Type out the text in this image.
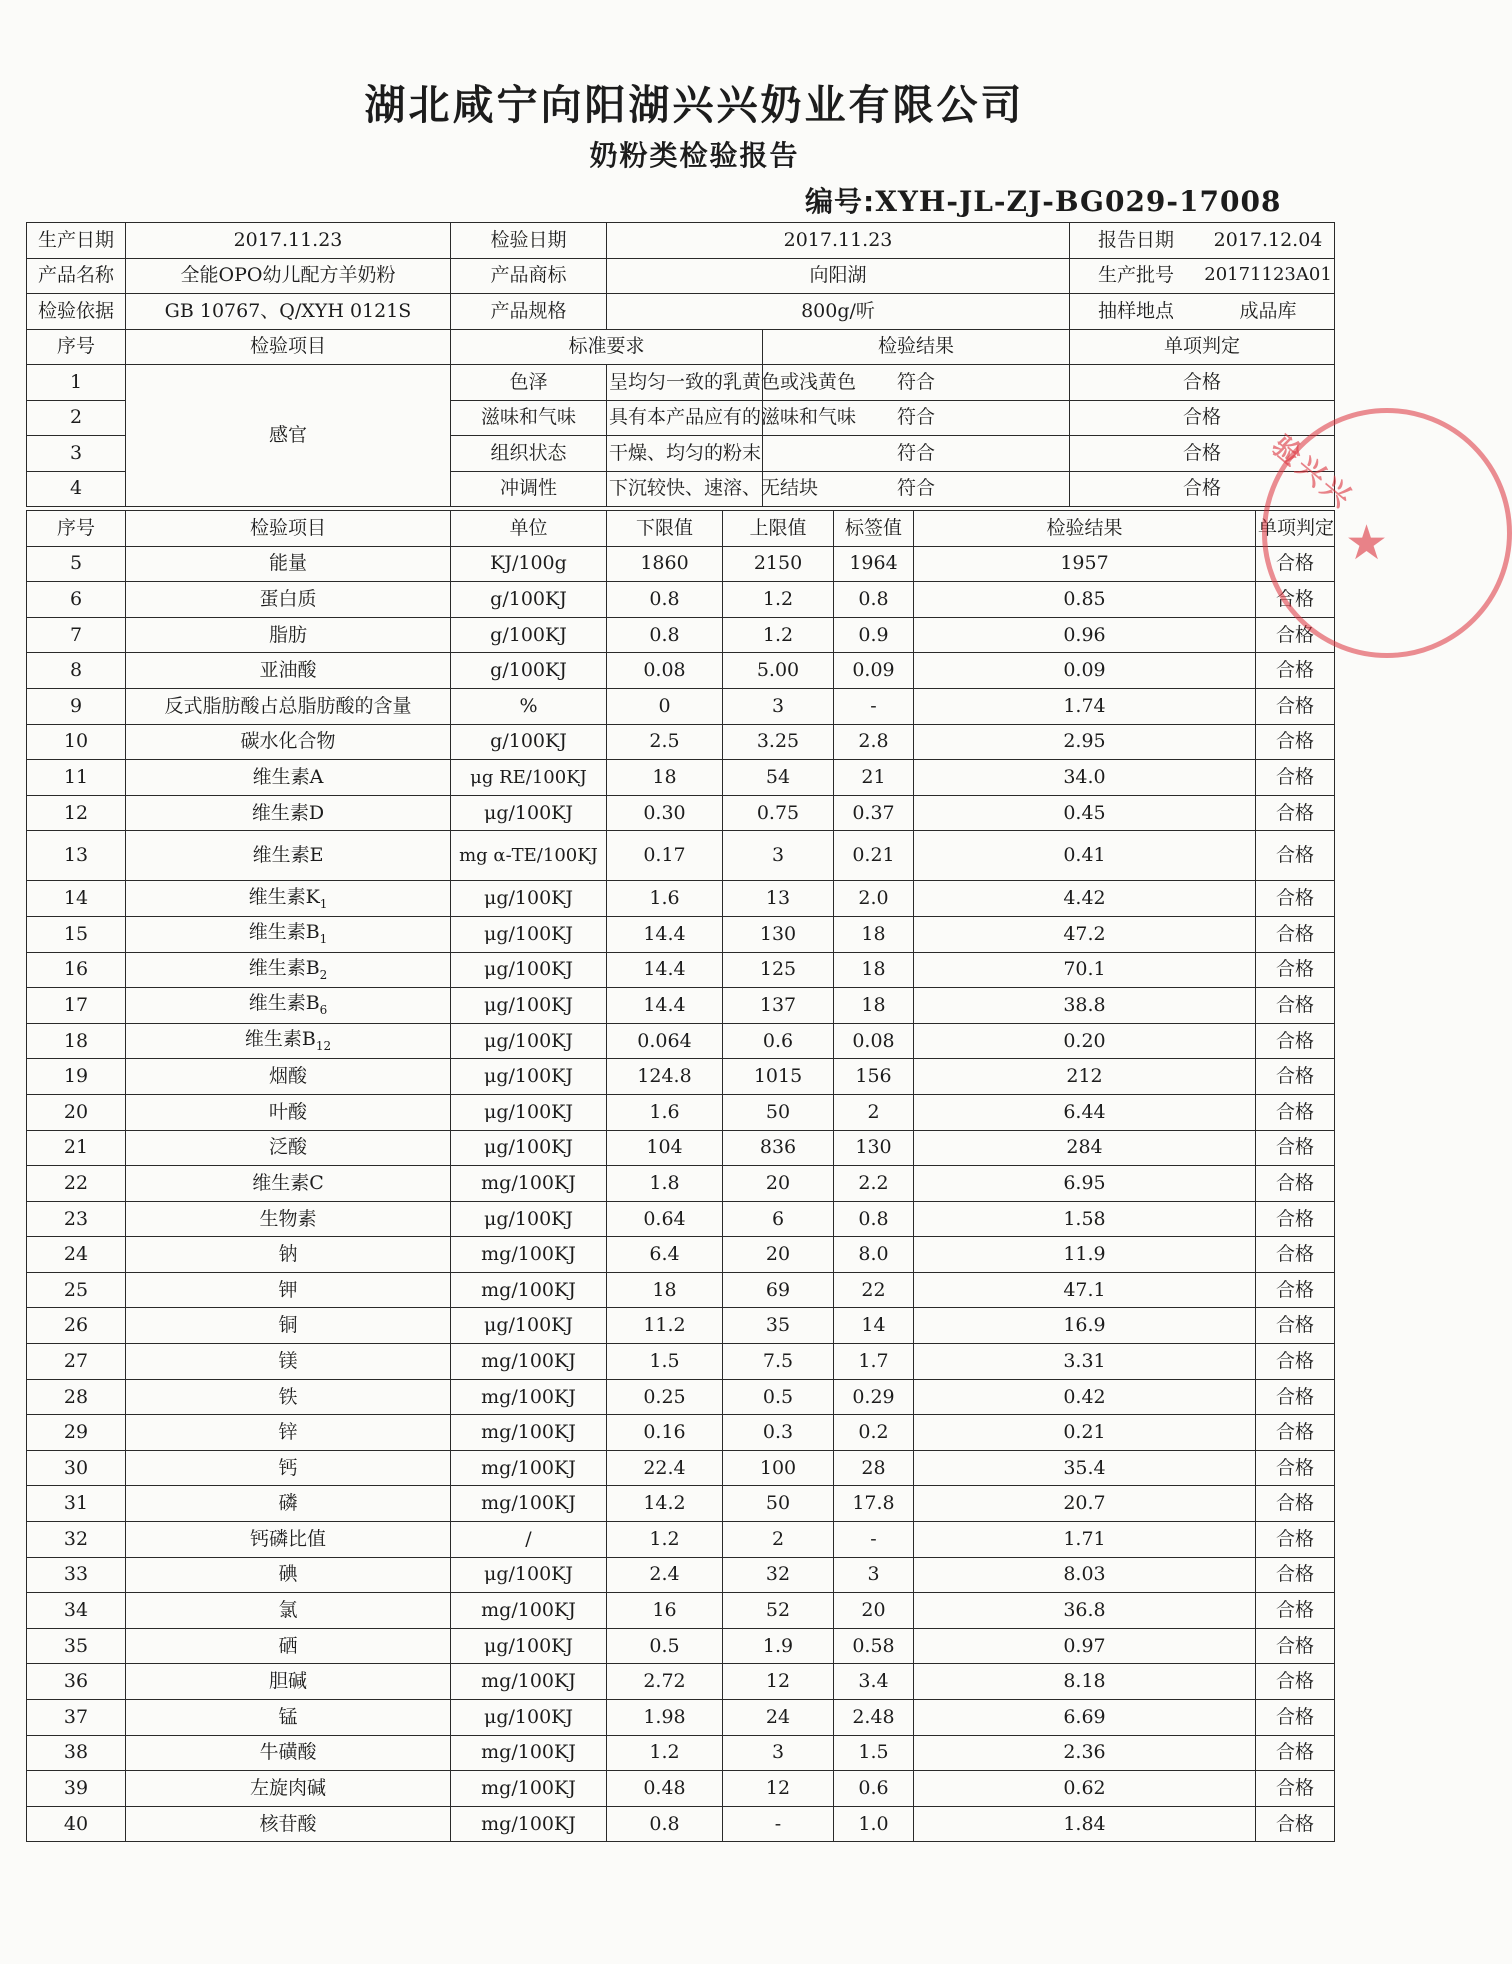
湖北咸宁向阳湖兴兴奶业有限公司
奶粉类检验报告
编号:XYH-JL-ZJ-BG029-17008
生产日期	2017.11.23	检验日期	2017.11.23		报告日期 2017.12.04

产品名称	全能OPO幼儿配方羊奶粉	产品商标	向阳湖		生产批号 20171123A01

检验依据	GB 10767、Q/XYH 0121S	产品规格	800g/听		抽样地点 成品库

序号	检验项目	标准要求		检验结果	单项判定
1	感官	色泽	呈均匀一致的乳黄色或浅黄色	符合	合格
2		滋味和气味	具有本产品应有的滋味和气味	符合	合格
3		组织状态	干燥、均匀的粉末	符合	合格
4		冲调性	下沉较快、速溶、无结块	符合	合格
序号	检验项目	单位	下限值	上限值	标签值	检验结果	单项判定
5	能量	KJ/100g	1860	2150	1964	1957	合格
6	蛋白质	g/100KJ	0.8	1.2	0.8	0.85	合格
7	脂肪	g/100KJ	0.8	1.2	0.9	0.96	合格
8	亚油酸	g/100KJ	0.08	5.00	0.09	0.09	合格
9	反式脂肪酸占总脂肪酸的含量	%	0	3	-	1.74	合格
10	碳水化合物	g/100KJ	2.5	3.25	2.8	2.95	合格
11	维生素A	μg RE/100KJ	18	54	21	34.0	合格
12	维生素D	μg/100KJ	0.30	0.75	0.37	0.45	合格
13	维生素E	mg α-TE/100KJ	0.17	3	0.21	0.41	合格
14	维生素$K_1$	μg/100KJ	1.6	13	2.0	4.42	合格
15	维生素$B_1$	μg/100KJ	14.4	130	18	47.2	合格
16	维生素$B_2$	μg/100KJ	14.4	125	18	70.1	合格
17	维生素$B_6$	μg/100KJ	14.4	137	18	38.8	合格
18	维生素$B_{12}$	μg/100KJ	0.064	0.6	0.08	0.20	合格
19	烟酸	μg/100KJ	124.8	1015	156	212	合格
20	叶酸	μg/100KJ	1.6	50	2	6.44	合格
21	泛酸	μg/100KJ	104	836	130	284	合格
22	维生素C	mg/100KJ	1.8	20	2.2	6.95	合格
23	生物素	μg/100KJ	0.64	6	0.8	1.58	合格
24	钠	mg/100KJ	6.4	20	8.0	11.9	合格
25	钾	mg/100KJ	18	69	22	47.1	合格
26	铜	μg/100KJ	11.2	35	14	16.9	合格
27	镁	mg/100KJ	1.5	7.5	1.7	3.31	合格
28	铁	mg/100KJ	0.25	0.5	0.29	0.42	合格
29	锌	mg/100KJ	0.16	0.3	0.2	0.21	合格
30	钙	mg/100KJ	22.4	100	28	35.4	合格
31	磷	mg/100KJ	14.2	50	17.8	20.7	合格
32	钙磷比值	/	1.2	2	-	1.71	合格
33	碘	μg/100KJ	2.4	32	3	8.03	合格
34	氯	mg/100KJ	16	52	20	36.8	合格
35	硒	μg/100KJ	0.5	1.9	0.58	0.97	合格
36	胆碱	mg/100KJ	2.72	12	3.4	8.18	合格
37	锰	μg/100KJ	1.98	24	2.48	6.69	合格
38	牛磺酸	mg/100KJ	1.2	3	1.5	2.36	合格
39	左旋肉碱	mg/100KJ	0.48	12	0.6	0.62	合格
40	核苷酸	mg/100KJ	0.8	-	1.0	1.84	合格
验兴兴
★
